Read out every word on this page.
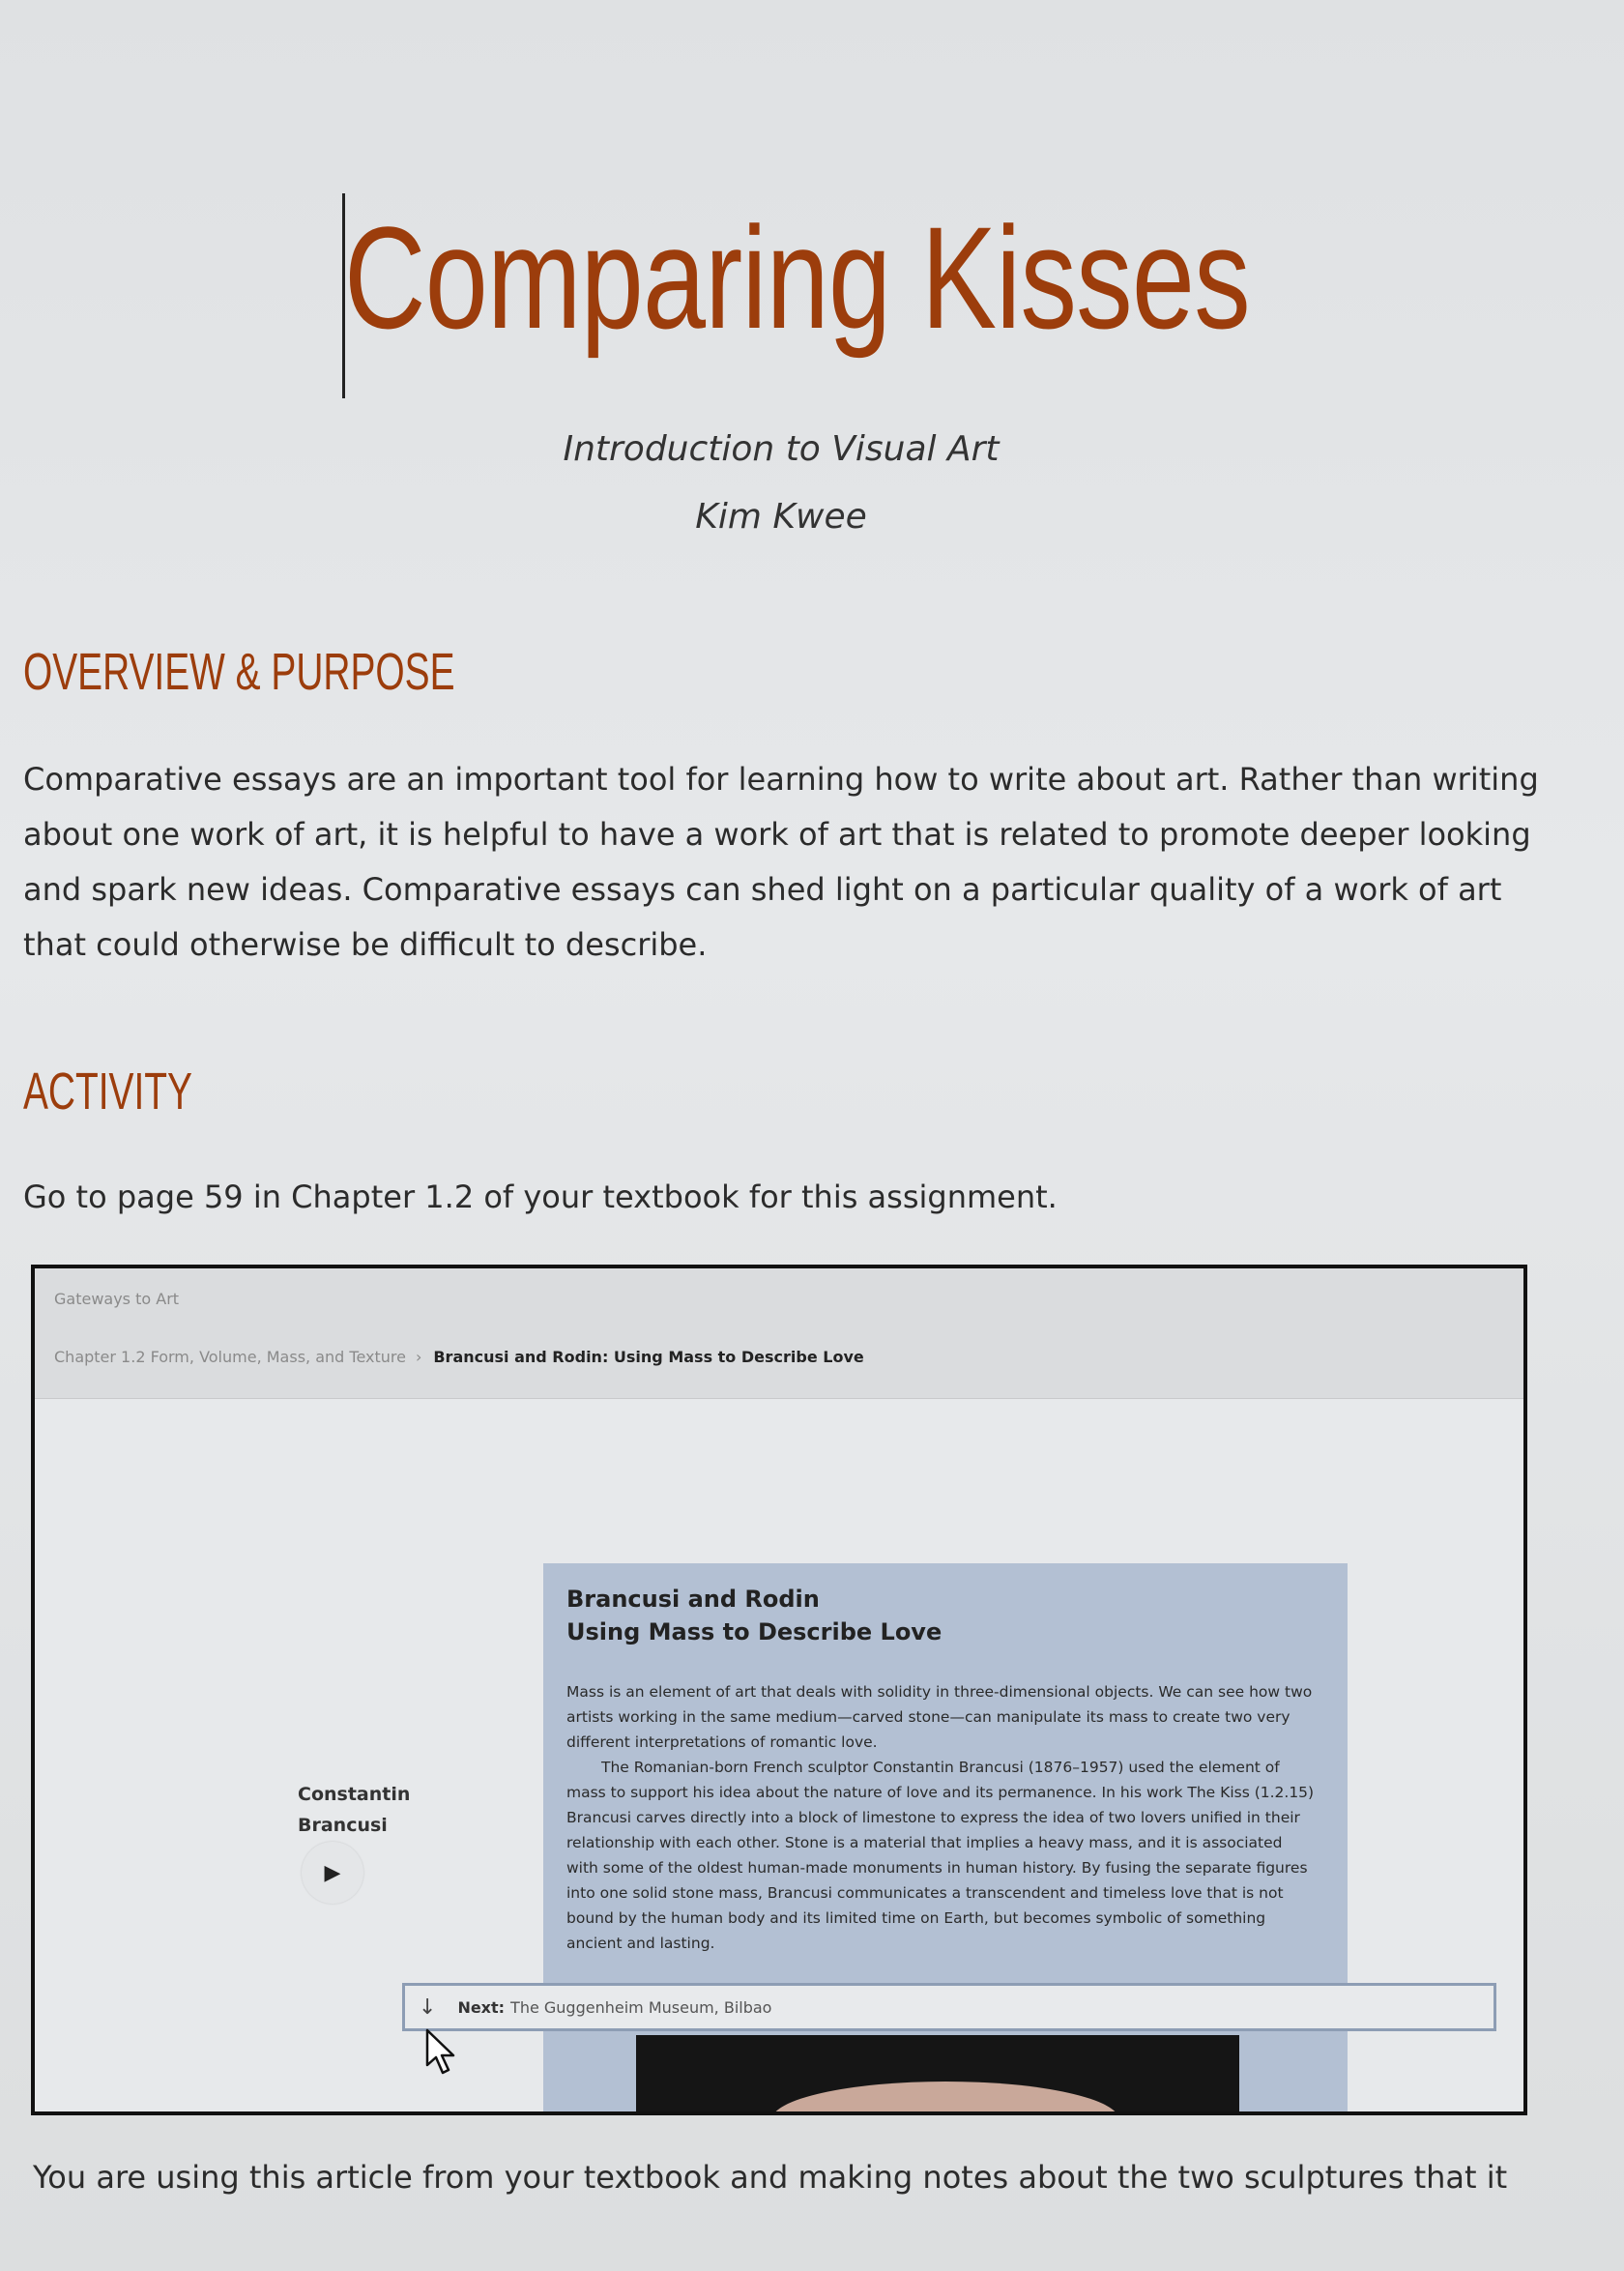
Comparing Kisses
Introduction to Visual Art
Kim Kwee
OVERVIEW & PURPOSE
Comparative essays are an important tool for learning how to write about art. Rather than writing about one work of art, it is helpful to have a work of art that is related to promote deeper looking and spark new ideas. Comparative essays can shed light on a particular quality of a work of art that could otherwise be difficult to describe.
ACTIVITY
Go to page 59 in Chapter 1.2 of your textbook for this assignment.
Gateways to Art
Chapter 1.2 Form, Volume, Mass, and Texture › Brancusi and Rodin: Using Mass to Describe Love
Constantin
Brancusi
▶
Brancusi and Rodin
Using Mass to Describe Love

Mass is an element of art that deals with solidity in three-dimensional objects. We can see how two artists working in the same medium—carved stone—can manipulate its mass to create two very different interpretations of romantic love.

The Romanian-born French sculptor Constantin Brancusi (1876–1957) used the element of mass to support his idea about the nature of love and its permanence. In his work The Kiss (1.2.15) Brancusi carves directly into a block of limestone to express the idea of two lovers unified in their relationship with each other. Stone is a material that implies a heavy mass, and it is associated with some of the oldest human-made monuments in human history. By fusing the separate figures into one solid stone mass, Brancusi communicates a transcendent and timeless love that is not bound by the human body and its limited time on Earth, but becomes symbolic of something ancient and lasting.

↓ Next: The Guggenheim Museum, Bilbao
You are using this article from your textbook and making notes about the two sculptures that it
